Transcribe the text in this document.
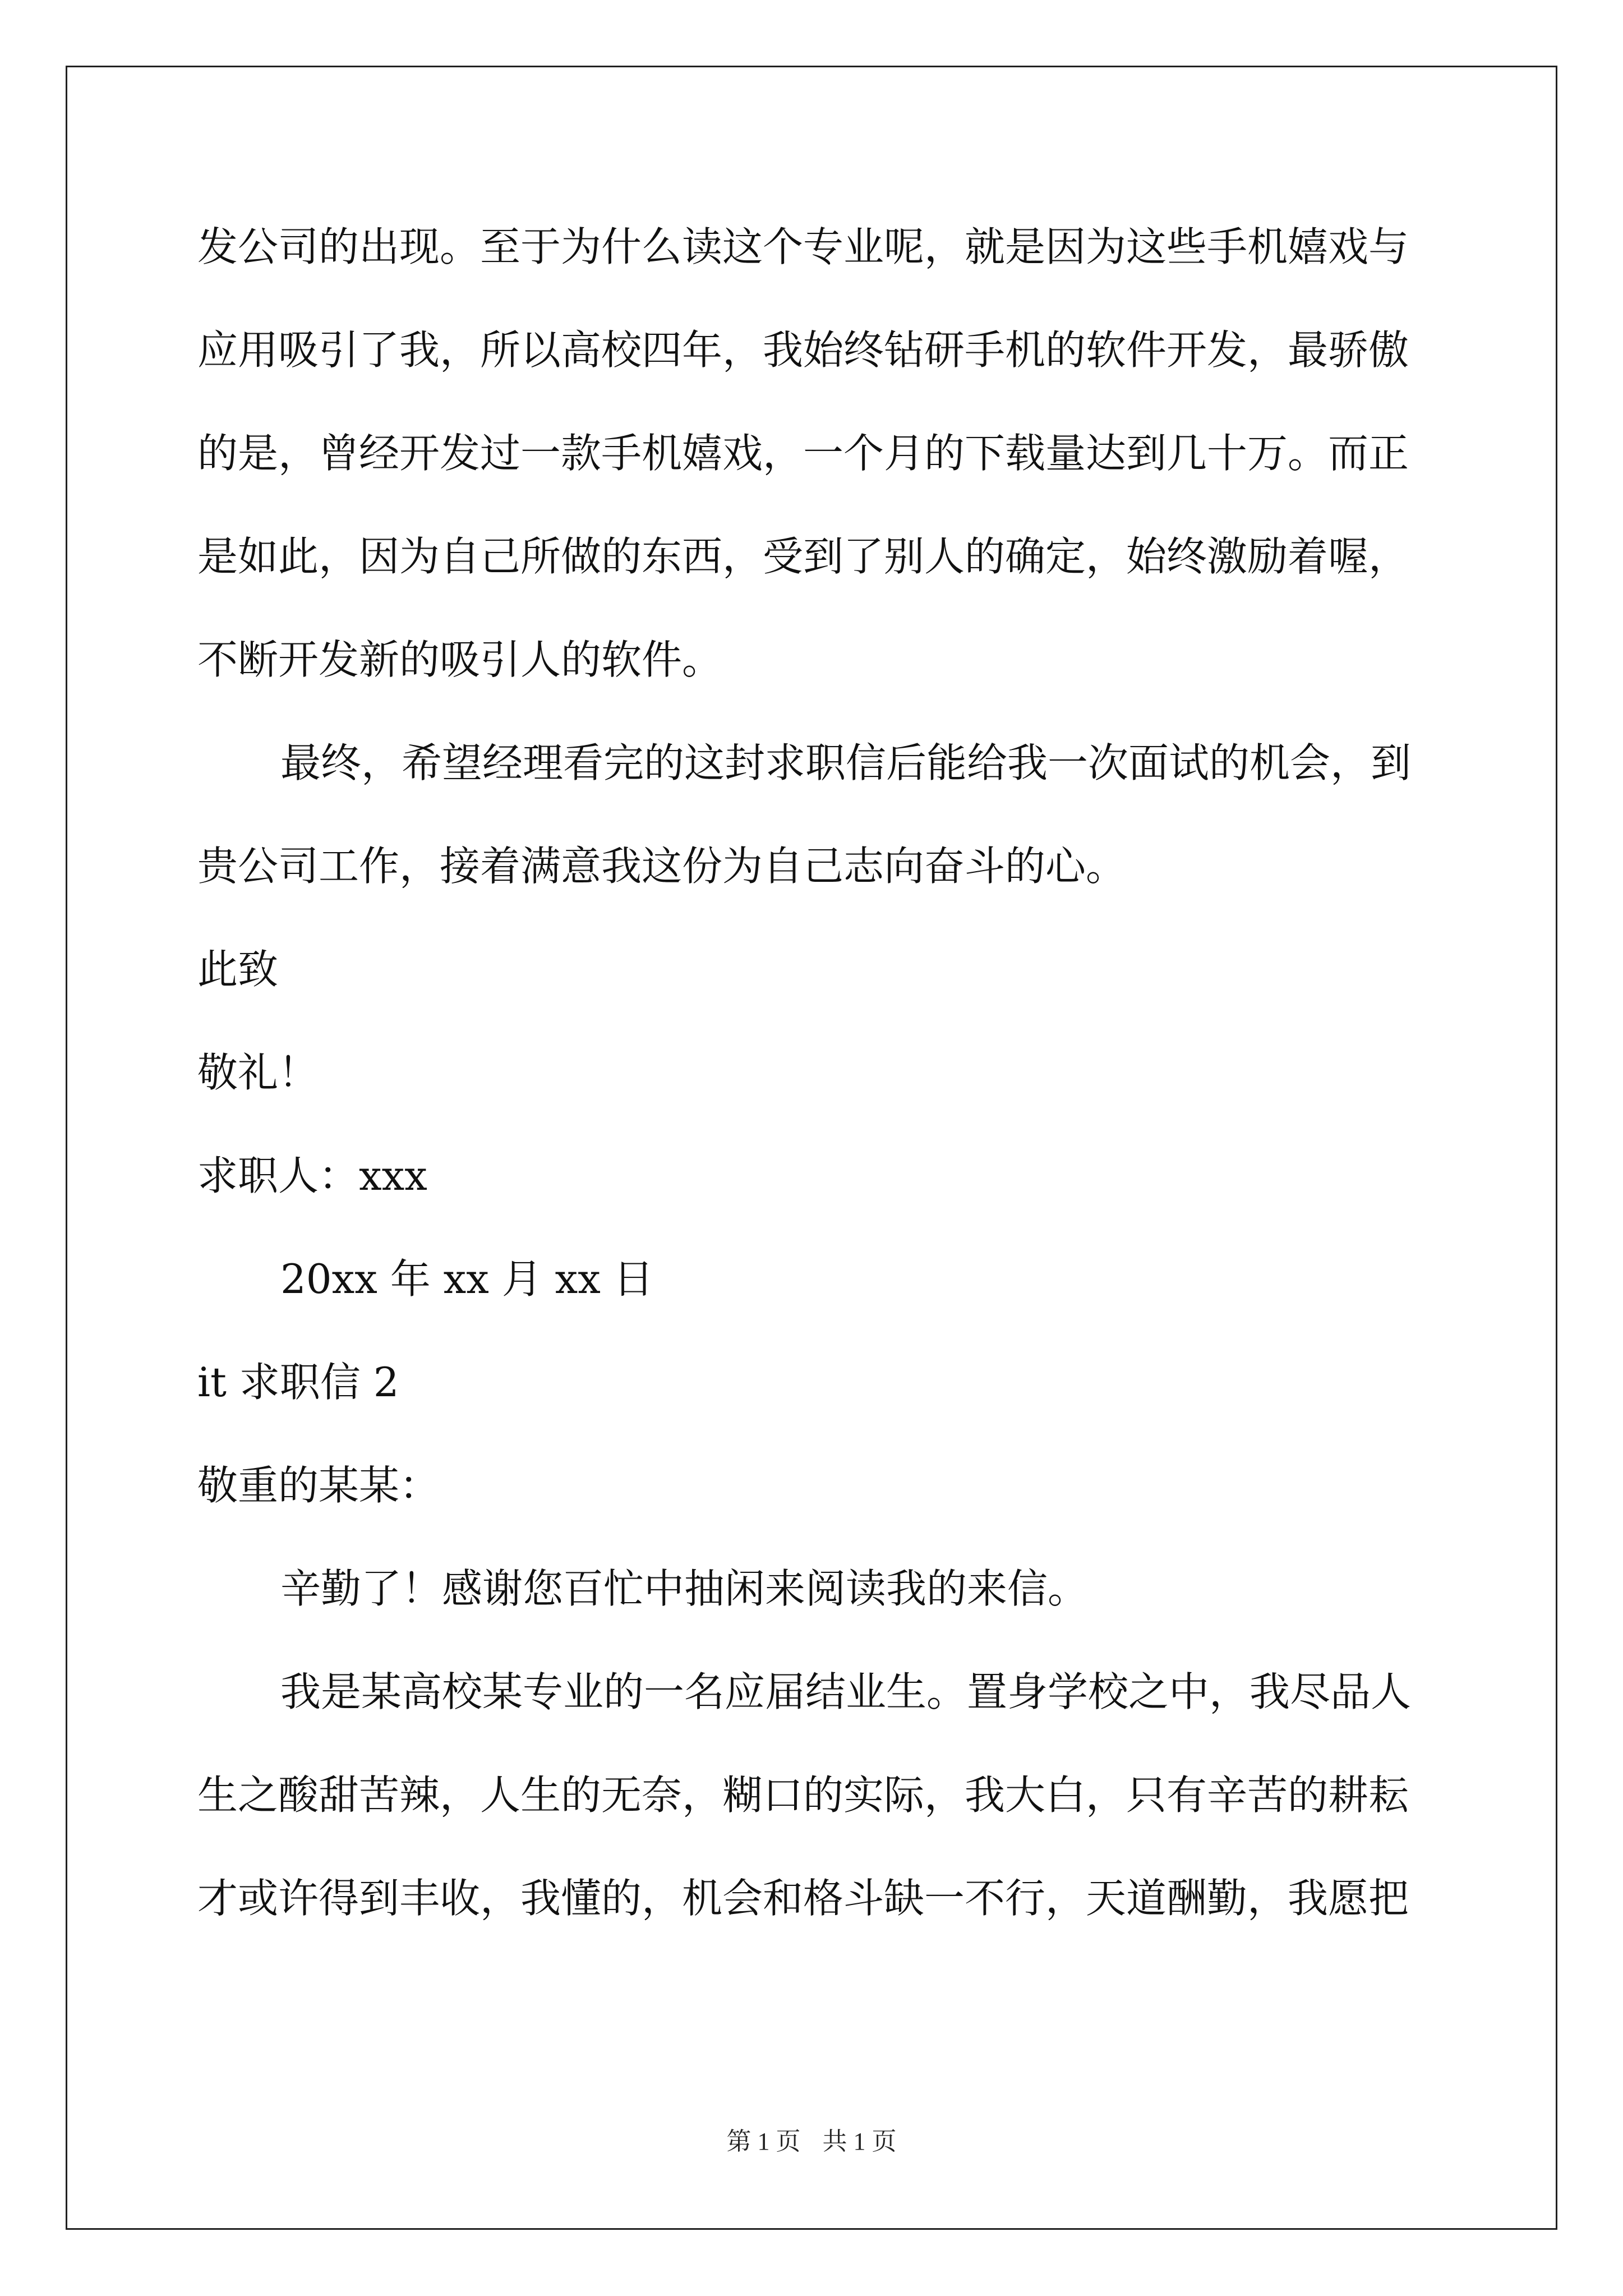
发公司的出现。至于为什么读这个专业呢，就是因为这些手机嬉戏与
应用吸引了我，所以高校四年，我始终钻研手机的软件开发，最骄傲
的是，曾经开发过一款手机嬉戏，一个月的下载量达到几十万。而正
是如此，因为自己所做的东西，受到了别人的确定，始终激励着喔，
不断开发新的吸引人的软件。
最终，希望经理看完的这封求职信后能给我一次面试的机会，到
贵公司工作，接着满意我这份为自己志向奋斗的心。
此致
敬礼！
求职人：xxx
20xx 年 xx 月 xx 日
it 求职信 2
敬重的某某：
辛勤了！感谢您百忙中抽闲来阅读我的来信。
我是某高校某专业的一名应届结业生。置身学校之中，我尽品人
生之酸甜苦辣，人生的无奈，糊口的实际，我大白，只有辛苦的耕耘
才或许得到丰收，我懂的，机会和格斗缺一不行，天道酬勤，我愿把
第 1 页 共 1 页
